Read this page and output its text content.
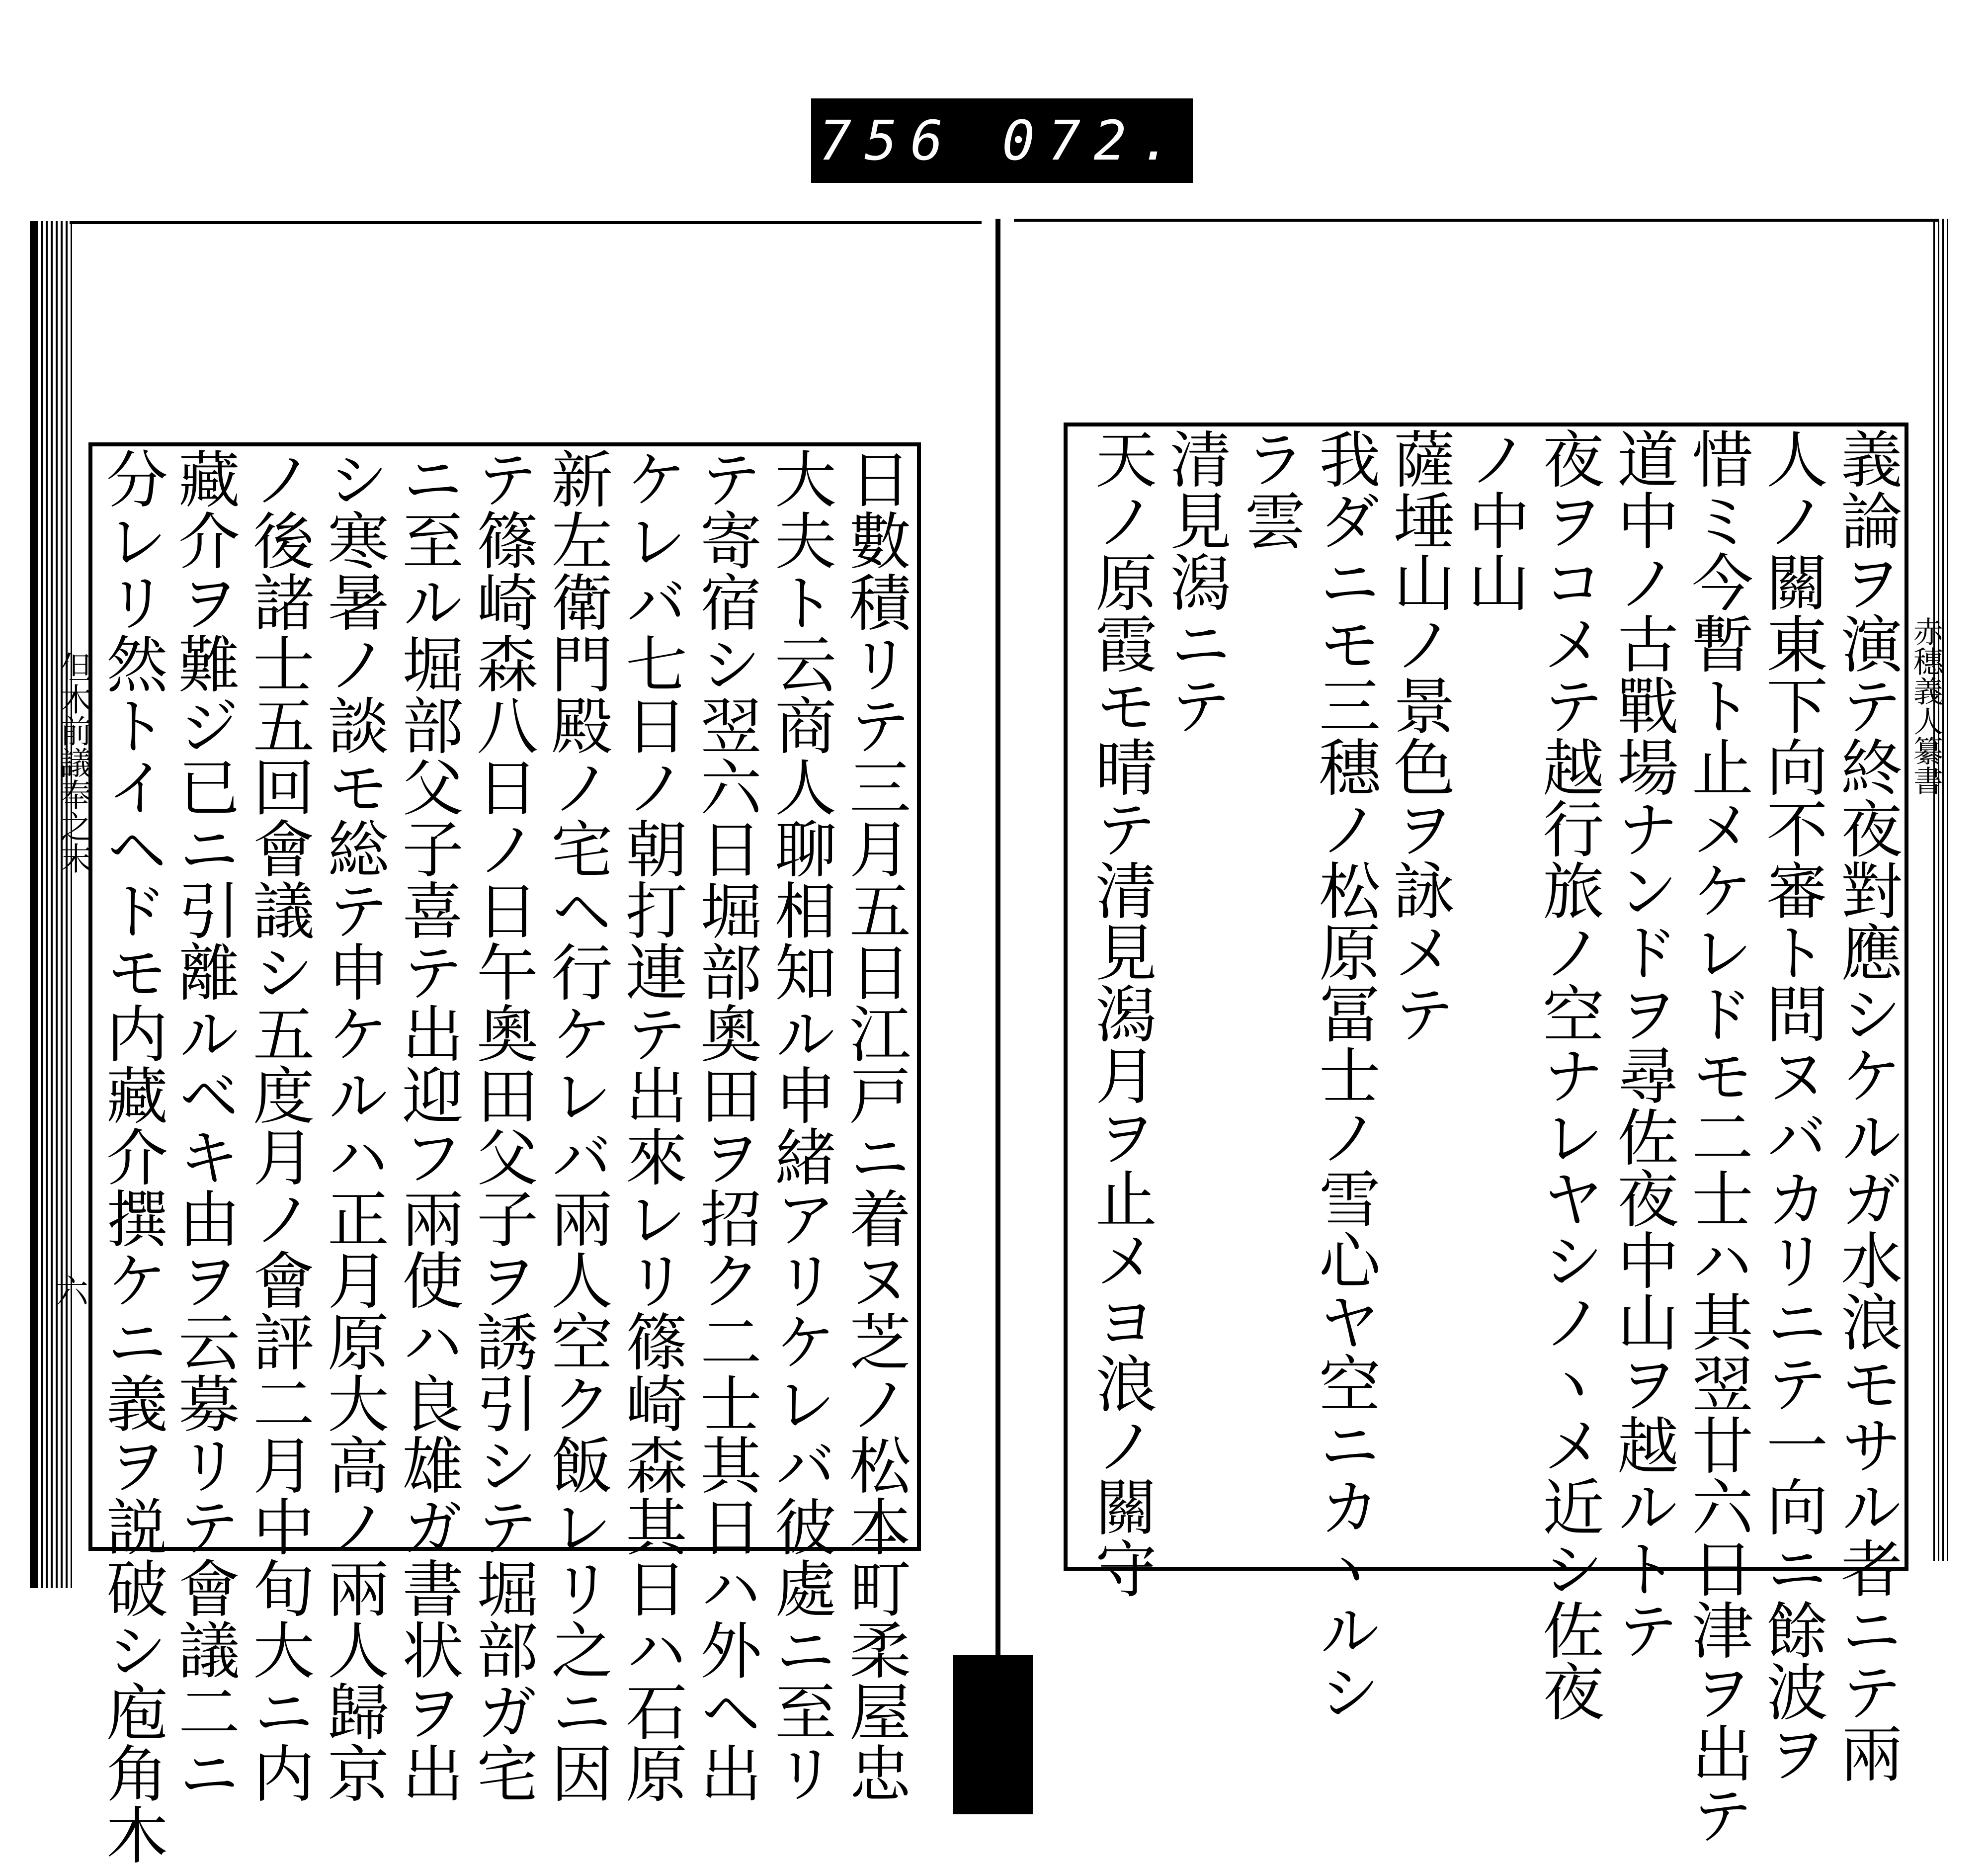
756 072.
但木前議奉之末
六
赤穗義人纂書
日數積リテ三月五日江戸ニ着ヌ芝ノ松本町柔屋忠
大夫ト云商人聊相知ル申緒アリケレバ彼處ニ至リ
テ寄宿シ翌六日堀部奧田ヲ招ク二士其日ハ外ヘ出
ケレバ七日ノ朝打連テ出來レリ篠崎森其日ハ石原
新左衛門殿ノ宅ヘ行ケレバ兩人空ク飯レリ之ニ因
テ篠崎森八日ノ日午奧田父子ヲ誘引シテ堀部ガ宅
ニ至ル堀部父子喜テ出迎フ兩使ハ良雄ガ書状ヲ出
シ寒暑ノ談モ総テ申ケルハ正月原大高ノ兩人歸京
ノ後諸士五回會議シ五度月ノ會評二月中旬大ニ内
藏介ヲ難ジ已ニ引離ルベキ由ヲ云募リテ會議二ニ
分レリ然トイヘドモ内藏介撰ケニ義ヲ説破シ庖角木	義論ヲ演テ終夜對應シケルガ水浪モサル者ニテ兩
人ノ關東下向不審ト問ヌバカリニテ一向ニ餘波ヲ
惜ミ今暫ト止メケレドモ二士ハ其翌廿六日津ヲ出テ
道中ノ古戰場ナンドヲ尋佐夜中山ヲ越ルトテ
夜ヲコメテ越行旅ノ空ナレヤシノヽメ近シ佐夜
ノ中山
薩埵山ノ景色ヲ詠メテ
我ダニモ三穗ノ松原冨士ノ雪心ヤ空ニカヽルシ
ラ雲
清見潟ニテ
天ノ原霞モ晴テ清見潟月ヲ止メヨ浪ノ關守
